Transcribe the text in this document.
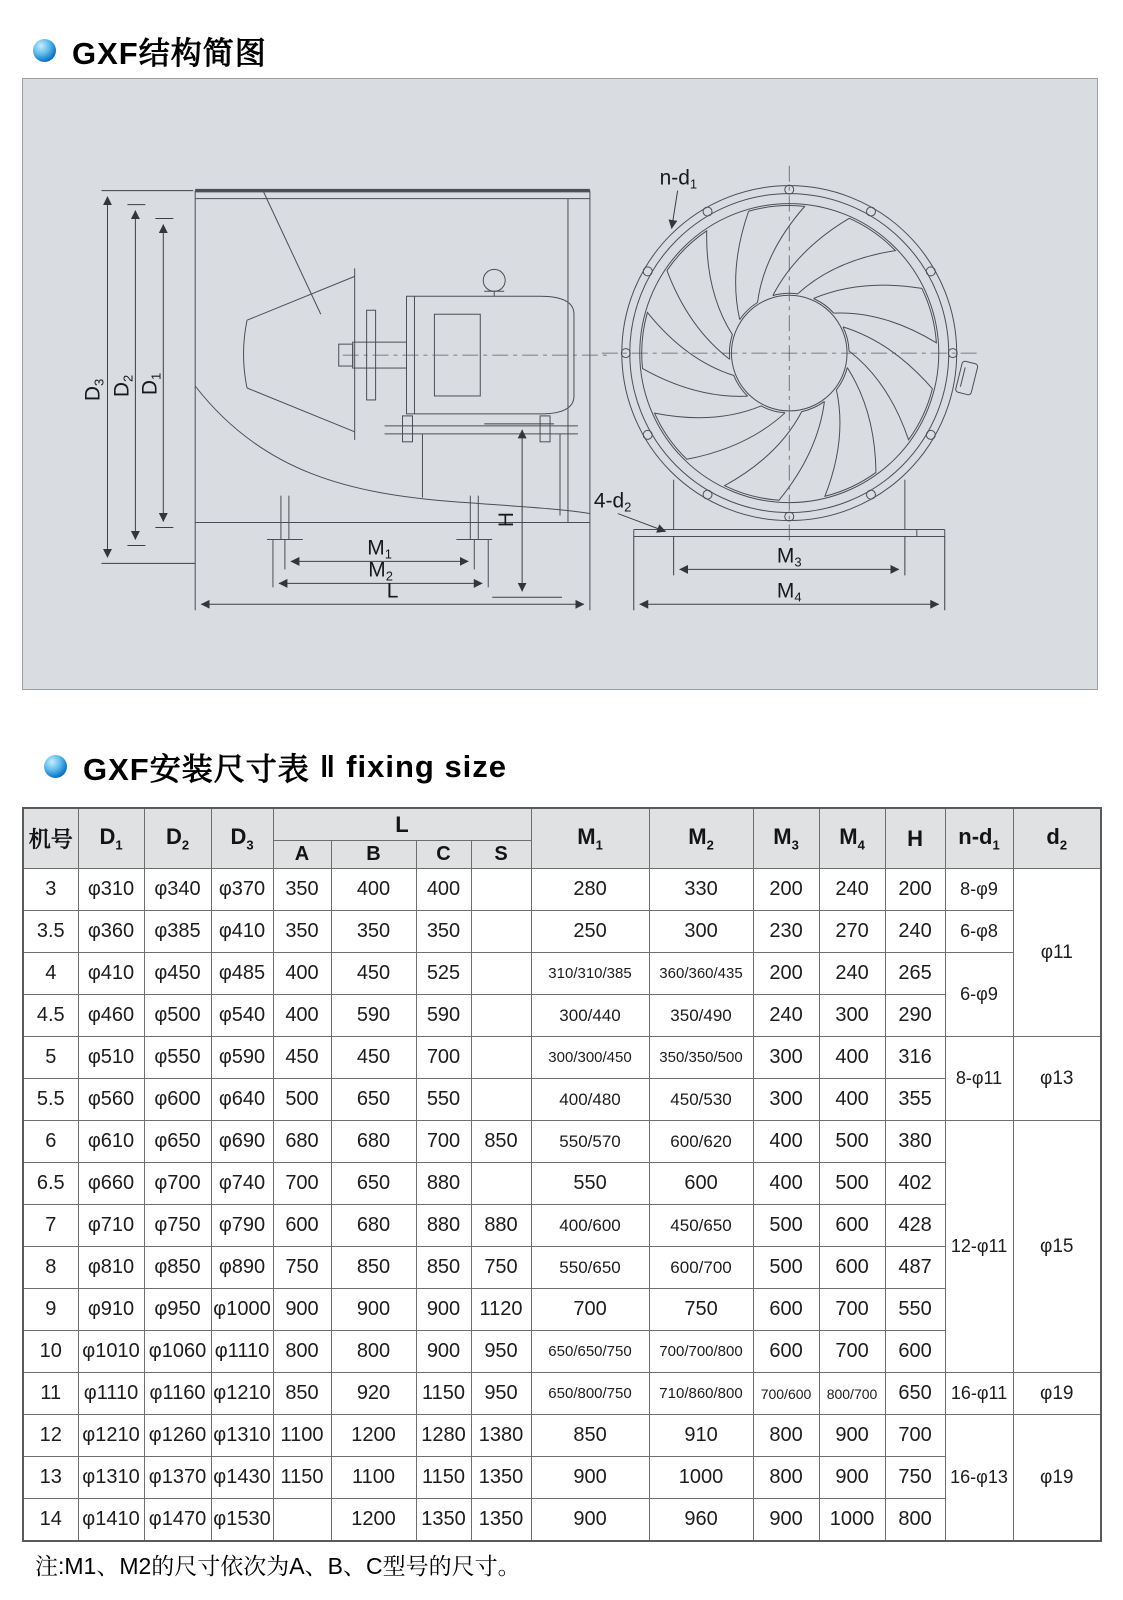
GXF结构简图
D3 D2
D1
H
M1
M2
L
n-d1
4-d2
M3
M4
GXF安装尺寸表 ‖ fixing size
机号	$D_1$	$D_2$	$D_3$	L				$M_1$	$M_2$	$M_3$	$M_4$	H	$n-d_1$	$d_2$
				A	B	C	S							
3	φ310	φ340	φ370	350	400	400		280	330	200	240	200	8-φ9	φ11
3.5	φ360	φ385	φ410	350	350	350		250	300	230	270	240	6-φ8	
4	φ410	φ450	φ485	400	450	525		310/310/385	360/360/435	200	240	265	6-φ9	
4.5	φ460	φ500	φ540	400	590	590		300/440	350/490	240	300	290		
5	φ510	φ550	φ590	450	450	700		300/300/450	350/350/500	300	400	316	8-φ11	φ13
5.5	φ560	φ600	φ640	500	650	550		400/480	450/530	300	400	355		
6	φ610	φ650	φ690	680	680	700	850	550/570	600/620	400	500	380	12-φ11	φ15
6.5	φ660	φ700	φ740	700	650	880		550	600	400	500	402		
7	φ710	φ750	φ790	600	680	880	880	400/600	450/650	500	600	428		
8	φ810	φ850	φ890	750	850	850	750	550/650	600/700	500	600	487		
9	φ910	φ950	φ1000	900	900	900	1120	700	750	600	700	550		
10	φ1010	φ1060	φ1110	800	800	900	950	650/650/750	700/700/800	600	700	600		
11	φ1110	φ1160	φ1210	850	920	1150	950	650/800/750	710/860/800	700/600	800/700	650	16-φ11	φ19
12	φ1210	φ1260	φ1310	1100	1200	1280	1380	850	910	800	900	700	16-φ13	φ19
13	φ1310	φ1370	φ1430	1150	1100	1150	1350	900	1000	800	900	750		
14	φ1410	φ1470	φ1530		1200	1350	1350	900	960	900	1000	800		
注:M1、M2的尺寸依次为A、B、C型号的尺寸。
